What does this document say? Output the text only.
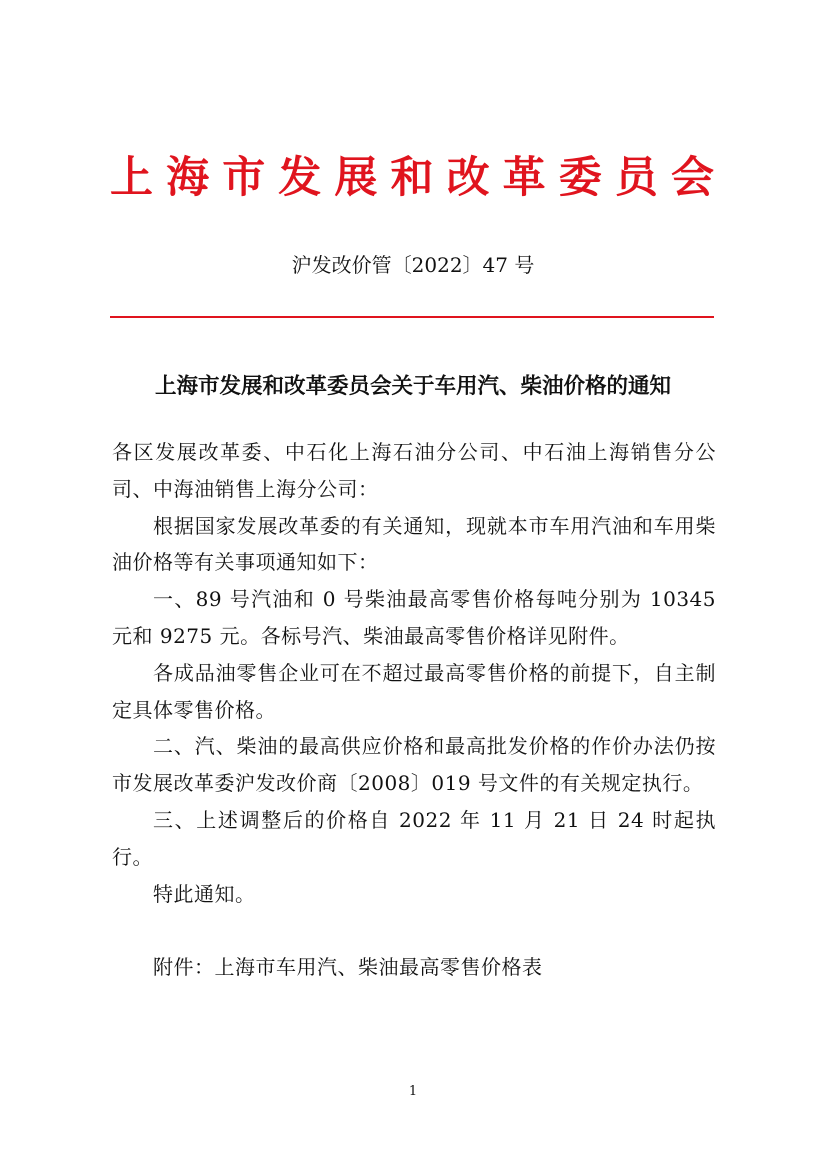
上 海 市 发 展 和 改 革 委 员 会
沪发改价管〔2022〕47 号
上海市发展和改革委员会关于车用汽、柴油价格的通知

各区发展改革委、中石化上海石油分公司、中石油上海销售分公司、中海油销售上海分公司：

根据国家发展改革委的有关通知，现就本市车用汽油和车用柴油价格等有关事项通知如下：

一、89 号汽油和 0 号柴油最高零售价格每吨分别为 10345 元和 9275 元。各标号汽、柴油最高零售价格详见附件。

各成品油零售企业可在不超过最高零售价格的前提下，自主制定具体零售价格。

二、汽、柴油的最高供应价格和最高批发价格的作价办法仍按市发展改革委沪发改价商〔2008〕019 号文件的有关规定执行。

三、上述调整后的价格自 2022 年 11 月 21 日 24 时起执行。

特此通知。

附件：上海市车用汽、柴油最高零售价格表

1
